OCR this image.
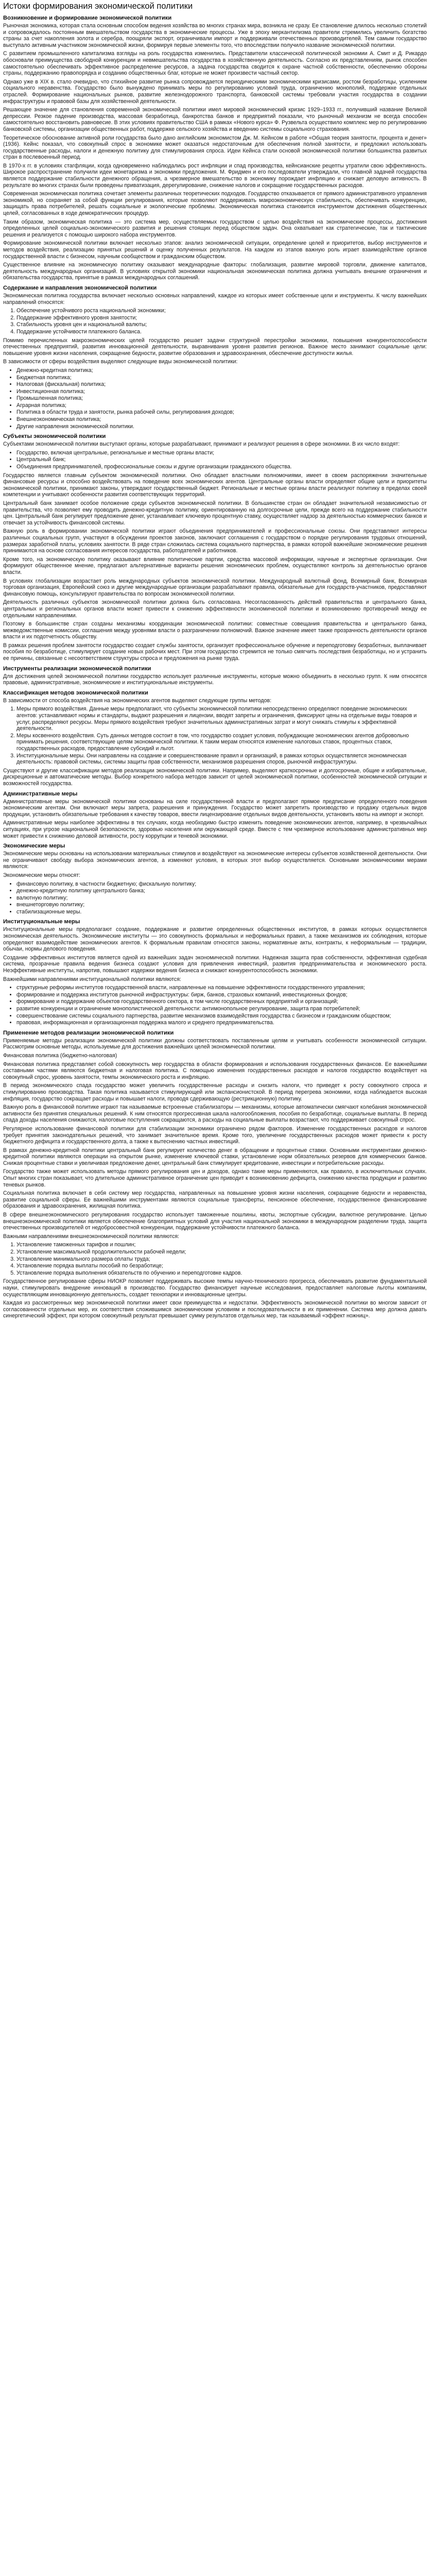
Истоки формирования экономической политики
Возникновение и формирование экономической политики

Рыночная экономика, которая стала основным способом ведения хозяйства во многих странах мира, возникла не сразу. Ее становление длилось несколько столетий и сопровождалось постоянным вмешательством государства в экономические процессы. Уже в эпоху меркантилизма правители стремились увеличить богатство страны за счет накопления золота и серебра, поощряли экспорт, ограничивали импорт и поддерживали отечественных производителей. Тем самым государство выступало активным участником экономической жизни, формируя первые элементы того, что впоследствии получило название экономической политики.

С развитием промышленного капитализма взгляды на роль государства изменились. Представители классической политической экономии А. Смит и Д. Рикардо обосновали преимущества свободной конкуренции и невмешательства государства в хозяйственную деятельность. Согласно их представлениям, рынок способен самостоятельно обеспечивать эффективное распределение ресурсов, а задача государства сводится к охране частной собственности, обеспечению обороны страны, поддержанию правопорядка и созданию общественных благ, которые не может произвести частный сектор.

Однако уже в XIX в. стало очевидно, что стихийное развитие рынка сопровождается периодическими экономическими кризисами, ростом безработицы, усилением социального неравенства. Государство было вынуждено принимать меры по регулированию условий труда, ограничению монополий, поддержке отдельных отраслей. Формирование национальных рынков, развитие железнодорожного транспорта, банковской системы требовали участия государства в создании инфраструктуры и правовой базы для хозяйственной деятельности.

Решающее значение для становления современной экономической политики имел мировой экономический кризис 1929–1933 гг., получивший название Великой депрессии. Резкое падение производства, массовая безработица, банкротства банков и предприятий показали, что рыночный механизм не всегда способен самостоятельно восстановить равновесие. В этих условиях правительство США в рамках «Нового курса» Ф. Рузвельта осуществило комплекс мер по регулированию банковской системы, организации общественных работ, поддержке сельского хозяйства и введению системы социального страхования.

Теоретическое обоснование активной роли государства было дано английским экономистом Дж. М. Кейнсом в работе «Общая теория занятости, процента и денег» (1936). Кейнс показал, что совокупный спрос в экономике может оказаться недостаточным для обеспечения полной занятости, и предложил использовать государственные расходы, налоги и денежную политику для стимулирования спроса. Идеи Кейнса стали основой экономической политики большинства развитых стран в послевоенный период.

В 1970-х гг. в условиях стагфляции, когда одновременно наблюдались рост инфляции и спад производства, кейнсианские рецепты утратили свою эффективность. Широкое распространение получили идеи монетаризма и экономики предложения. М. Фридмен и его последователи утверждали, что главной задачей государства является поддержание стабильности денежного обращения, а чрезмерное вмешательство в экономику порождает инфляцию и снижает деловую активность. В результате во многих странах были проведены приватизация, дерегулирование, снижение налогов и сокращение государственных расходов.

Современная экономическая политика сочетает элементы различных теоретических подходов. Государство отказывается от прямого административного управления экономикой, но сохраняет за собой функции регулирования, которые позволяют поддерживать макроэкономическую стабильность, обеспечивать конкуренцию, защищать права потребителей, решать социальные и экологические проблемы. Экономическая политика становится инструментом достижения общественных целей, согласованных в ходе демократических процедур.

Таким образом, экономическая политика — это система мер, осуществляемых государством с целью воздействия на экономические процессы, достижения определенных целей социально-экономического развития и решения стоящих перед обществом задач. Она охватывает как стратегические, так и тактические решения и реализуется с помощью широкого набора инструментов.

Формирование экономической политики включает несколько этапов: анализ экономической ситуации, определение целей и приоритетов, выбор инструментов и методов воздействия, реализацию принятых решений и оценку полученных результатов. На каждом из этапов важную роль играет взаимодействие органов государственной власти с бизнесом, научным сообществом и гражданским обществом.

Существенное влияние на экономическую политику оказывают международные факторы: глобализация, развитие мировой торговли, движение капиталов, деятельность международных организаций. В условиях открытой экономики национальная экономическая политика должна учитывать внешние ограничения и обязательства государства, принятые в рамках международных соглашений.

Содержание и направления экономической политики

Экономическая политика государства включает несколько основных направлений, каждое из которых имеет собственные цели и инструменты. К числу важнейших направлений относятся:

1. Обеспечение устойчивого роста национальной экономики;
2. Поддержание эффективного уровня занятости;
3. Стабильность уровня цен и национальной валюты;
4. Поддержание устойчивости платежного баланса.

Помимо перечисленных макроэкономических целей государство решает задачи структурной перестройки экономики, повышения конкурентоспособности отечественных предприятий, развития инновационной деятельности, выравнивания уровня развития регионов. Важное место занимают социальные цели: повышение уровня жизни населения, сокращение бедности, развитие образования и здравоохранения, обеспечение доступности жилья.

В зависимости от сферы воздействия выделяют следующие виды экономической политики:

• Денежно-кредитная политика;
• Бюджетная политика;
• Налоговая (фискальная) политика;
• Инвестиционная политика;
• Промышленная политика;
• Аграрная политика;
• Политика в области труда и занятости, рынка рабочей силы, регулирования доходов;
• Внешнеэкономическая политика;
• Другие направления экономической политики.
Субъекты экономической политики

Субъектами экономической политики выступают органы, которые разрабатывают, принимают и реализуют решения в сфере экономики. В их число входят:

• Государство, включая центральные, региональные и местные органы власти;
• Центральный банк;
• Объединения предпринимателей, профессиональные союзы и другие организации гражданского общества.

Государство является главным субъектом экономической политики. Оно обладает властными полномочиями, имеет в своем распоряжении значительные финансовые ресурсы и способно воздействовать на поведение всех экономических агентов. Центральные органы власти определяют общие цели и приоритеты экономической политики, принимают законы, утверждают государственный бюджет. Региональные и местные органы власти реализуют политику в пределах своей компетенции и учитывают особенности развития соответствующих территорий.

Центральный банк занимает особое положение среди субъектов экономической политики. В большинстве стран он обладает значительной независимостью от правительства, что позволяет ему проводить денежно-кредитную политику, ориентированную на долгосрочные цели, прежде всего на поддержание стабильности цен. Центральный банк регулирует предложение денег, устанавливает ключевую процентную ставку, осуществляет надзор за деятельностью коммерческих банков и отвечает за устойчивость финансовой системы.

Важную роль в формировании экономической политики играют объединения предпринимателей и профессиональные союзы. Они представляют интересы различных социальных групп, участвуют в обсуждении проектов законов, заключают соглашения с государством о порядке регулирования трудовых отношений, размерах заработной платы, условиях занятости. В ряде стран сложилась система социального партнерства, в рамках которой важнейшие экономические решения принимаются на основе согласования интересов государства, работодателей и работников.

Кроме того, на экономическую политику оказывают влияние политические партии, средства массовой информации, научные и экспертные организации. Они формируют общественное мнение, предлагают альтернативные варианты решения экономических проблем, осуществляют контроль за деятельностью органов власти.

В условиях глобализации возрастает роль международных субъектов экономической политики. Международный валютный фонд, Всемирный банк, Всемирная торговая организация, Европейский союз и другие международные организации разрабатывают правила, обязательные для государств-участников, предоставляют финансовую помощь, консультируют правительства по вопросам экономической политики.

Деятельность различных субъектов экономической политики должна быть согласована. Несогласованность действий правительства и центрального банка, центральных и региональных органов власти может привести к снижению эффективности экономической политики и возникновению противоречий между ее отдельными направлениями.

Поэтому в большинстве стран созданы механизмы координации экономической политики: совместные совещания правительства и центрального банка, межведомственные комиссии, соглашения между уровнями власти о разграничении полномочий. Важное значение имеет также прозрачность деятельности органов власти и их подотчетность обществу.

В рамках решения проблем занятости государство создает службы занятости, организует профессиональное обучение и переподготовку безработных, выплачивает пособия по безработице, стимулирует создание новых рабочих мест. При этом государство стремится не только смягчить последствия безработицы, но и устранить ее причины, связанные с несоответствием структуры спроса и предложения на рынке труда.

Инструменты реализации экономической политики

Для достижения целей экономической политики государство использует различные инструменты, которые можно объединить в несколько групп. К ним относятся правовые, административные, экономические и институциональные инструменты.

Классификация методов экономической политики

В зависимости от способа воздействия на экономических агентов выделяют следующие группы методов:

1. Меры прямого воздействия. Данные меры предполагают, что субъекты экономической политики непосредственно определяют поведение экономических агентов: устанавливают нормы и стандарты, выдают разрешения и лицензии, вводят запреты и ограничения, фиксируют цены на отдельные виды товаров и услуг, распределяют ресурсы. Меры прямого воздействия требуют значительных административных затрат и могут снижать стимулы к эффективной деятельности.
2. Меры косвенного воздействия. Суть данных методов состоит в том, что государство создает условия, побуждающие экономических агентов добровольно принимать решения, соответствующие целям экономической политики. К таким мерам относятся изменение налоговых ставок, процентных ставок, государственных расходов, предоставление субсидий и льгот.
3. Институциональные меры. Они направлены на создание и совершенствование правил и организаций, в рамках которых осуществляется экономическая деятельность: правовой системы, системы защиты прав собственности, механизмов разрешения споров, рыночной инфраструктуры.

Существуют и другие классификации методов реализации экономической политики. Например, выделяют краткосрочные и долгосрочные, общие и избирательные, дискреционные и автоматические методы. Выбор конкретного набора методов зависит от целей экономической политики, особенностей экономической ситуации и возможностей государства.

Административные меры

Административные меры экономической политики основаны на силе государственной власти и предполагают прямое предписание определенного поведения экономическим агентам. Они включают меры запрета, разрешения и принуждения. Государство может запретить производство и продажу отдельных видов продукции, установить обязательные требования к качеству товаров, ввести лицензирование отдельных видов деятельности, установить квоты на импорт и экспорт.

Административные меры наиболее эффективны в тех случаях, когда необходимо быстро изменить поведение экономических агентов, например, в чрезвычайных ситуациях, при угрозе национальной безопасности, здоровью населения или окружающей среде. Вместе с тем чрезмерное использование административных мер может привести к снижению деловой активности, росту коррупции и теневой экономики.

Экономические меры

Экономические меры основаны на использовании материальных стимулов и воздействуют на экономические интересы субъектов хозяйственной деятельности. Они не ограничивают свободу выбора экономических агентов, а изменяют условия, в которых этот выбор осуществляется. Основными экономическими мерами являются:

Экономические меры относят:

• финансовую политику, в частности бюджетную; фискальную политику;
• денежно-кредитную политику центрального банка;
• валютную политику;
• внешнеторговую политику;
• стабилизационные меры.
Институциональные меры

Институциональные меры предполагают создание, поддержание и развитие определенных общественных институтов, в рамках которых осуществляется экономическая деятельность. Экономические институты — это совокупность формальных и неформальных правил, а также механизмов их соблюдения, которые определяют взаимодействие экономических агентов. К формальным правилам относятся законы, нормативные акты, контракты, к неформальным — традиции, обычаи, нормы делового поведения.

Создание эффективных институтов является одной из важнейших задач экономической политики. Надежная защита прав собственности, эффективная судебная система, прозрачные правила ведения бизнеса создают условия для привлечения инвестиций, развития предпринимательства и экономического роста. Неэффективные институты, напротив, повышают издержки ведения бизнеса и снижают конкурентоспособность экономики.

Важнейшими направлениями институциональной политики являются:

• структурные реформы институтов государственной власти, направленные на повышение эффективности государственного управления;
• формирование и поддержка институтов рыночной инфраструктуры: бирж, банков, страховых компаний, инвестиционных фондов;
• формирование и поддержание объектов государственного сектора, в том числе государственных предприятий и организаций;
• развитие конкуренции и ограничение монополистической деятельности: антимонопольное регулирование, защита прав потребителей;
• совершенствование системы социального партнерства, развитие механизмов взаимодействия государства с бизнесом и гражданским обществом;
• правовая, информационная и организационная поддержка малого и среднего предпринимательства.
Применение методов реализации экономической политики

Применяемые методы реализации экономической политики должны соответствовать поставленным целям и учитывать особенности экономической ситуации. Рассмотрим основные методы, используемые для достижения важнейших целей экономической политики.

Финансовая политика (бюджетно-налоговая)

Финансовая политика представляет собой совокупность мер государства в области формирования и использования государственных финансов. Ее важнейшими составными частями являются бюджетная и налоговая политика. С помощью изменения государственных расходов и налогов государство воздействует на совокупный спрос, уровень занятости, темпы экономического роста и инфляцию.

В период экономического спада государство может увеличить государственные расходы и снизить налоги, что приведет к росту совокупного спроса и стимулированию производства. Такая политика называется стимулирующей или экспансионистской. В период перегрева экономики, когда наблюдается высокая инфляция, государство сокращает расходы и повышает налоги, проводя сдерживающую (рестрикционную) политику.

Важную роль в финансовой политике играют так называемые встроенные стабилизаторы — механизмы, которые автоматически смягчают колебания экономической активности без принятия специальных решений. К ним относятся прогрессивная шкала налогообложения, пособия по безработице, социальные выплаты. В период спада доходы населения снижаются, налоговые поступления сокращаются, а расходы на социальные выплаты возрастают, что поддерживает совокупный спрос.

Регулярное использование финансовой политики для стабилизации экономики ограничено рядом факторов. Изменение государственных расходов и налогов требует принятия законодательных решений, что занимает значительное время. Кроме того, увеличение государственных расходов может привести к росту бюджетного дефицита и государственного долга, а также к вытеснению частных инвестиций.

В рамках денежно-кредитной политики центральный банк регулирует количество денег в обращении и процентные ставки. Основными инструментами денежно-кредитной политики являются операции на открытом рынке, изменение ключевой ставки, установление норм обязательных резервов для коммерческих банков. Снижая процентные ставки и увеличивая предложение денег, центральный банк стимулирует кредитование, инвестиции и потребительские расходы.

Государство также может использовать методы прямого регулирования цен и доходов, однако такие меры применяются, как правило, в исключительных случаях. Опыт многих стран показывает, что длительное административное ограничение цен приводит к возникновению дефицита, снижению качества продукции и развитию теневых рынков.

Социальная политика включает в себя систему мер государства, направленных на повышение уровня жизни населения, сокращение бедности и неравенства, развитие социальной сферы. Ее важнейшими инструментами являются социальные трансферты, пенсионное обеспечение, государственное финансирование образования и здравоохранения, жилищная политика.

В сфере внешнеэкономического регулирования государство использует таможенные пошлины, квоты, экспортные субсидии, валютное регулирование. Целью внешнеэкономической политики является обеспечение благоприятных условий для участия национальной экономики в международном разделении труда, защита отечественных производителей от недобросовестной конкуренции, поддержание устойчивости платежного баланса.

Важными направлениями внешнеэкономической политики являются:

1. Установление таможенных тарифов и пошлин;
2. Установление максимальной продолжительности рабочей недели;
3. Установление минимального размера оплаты труда;
4. Установление порядка выплаты пособий по безработице;
5. Установление порядка выполнения обязательств по обучению и переподготовке кадров.

Государственное регулирование сферы НИОКР позволяет поддерживать высокие темпы научно-технического прогресса, обеспечивать развитие фундаментальной науки, стимулировать внедрение инноваций в производство. Государство финансирует научные исследования, предоставляет налоговые льготы компаниям, осуществляющим инновационную деятельность, создает технопарки и инновационные центры.

Каждая из рассмотренных мер экономической политики имеет свои преимущества и недостатки. Эффективность экономической политики во многом зависит от согласованности отдельных мер, их соответствия сложившимся экономическим условиям и последовательности в их применении. Система мер должна давать синергетический эффект, при котором совокупный результат превышает сумму результатов отдельных мер, так называемый «эффект ножниц».
